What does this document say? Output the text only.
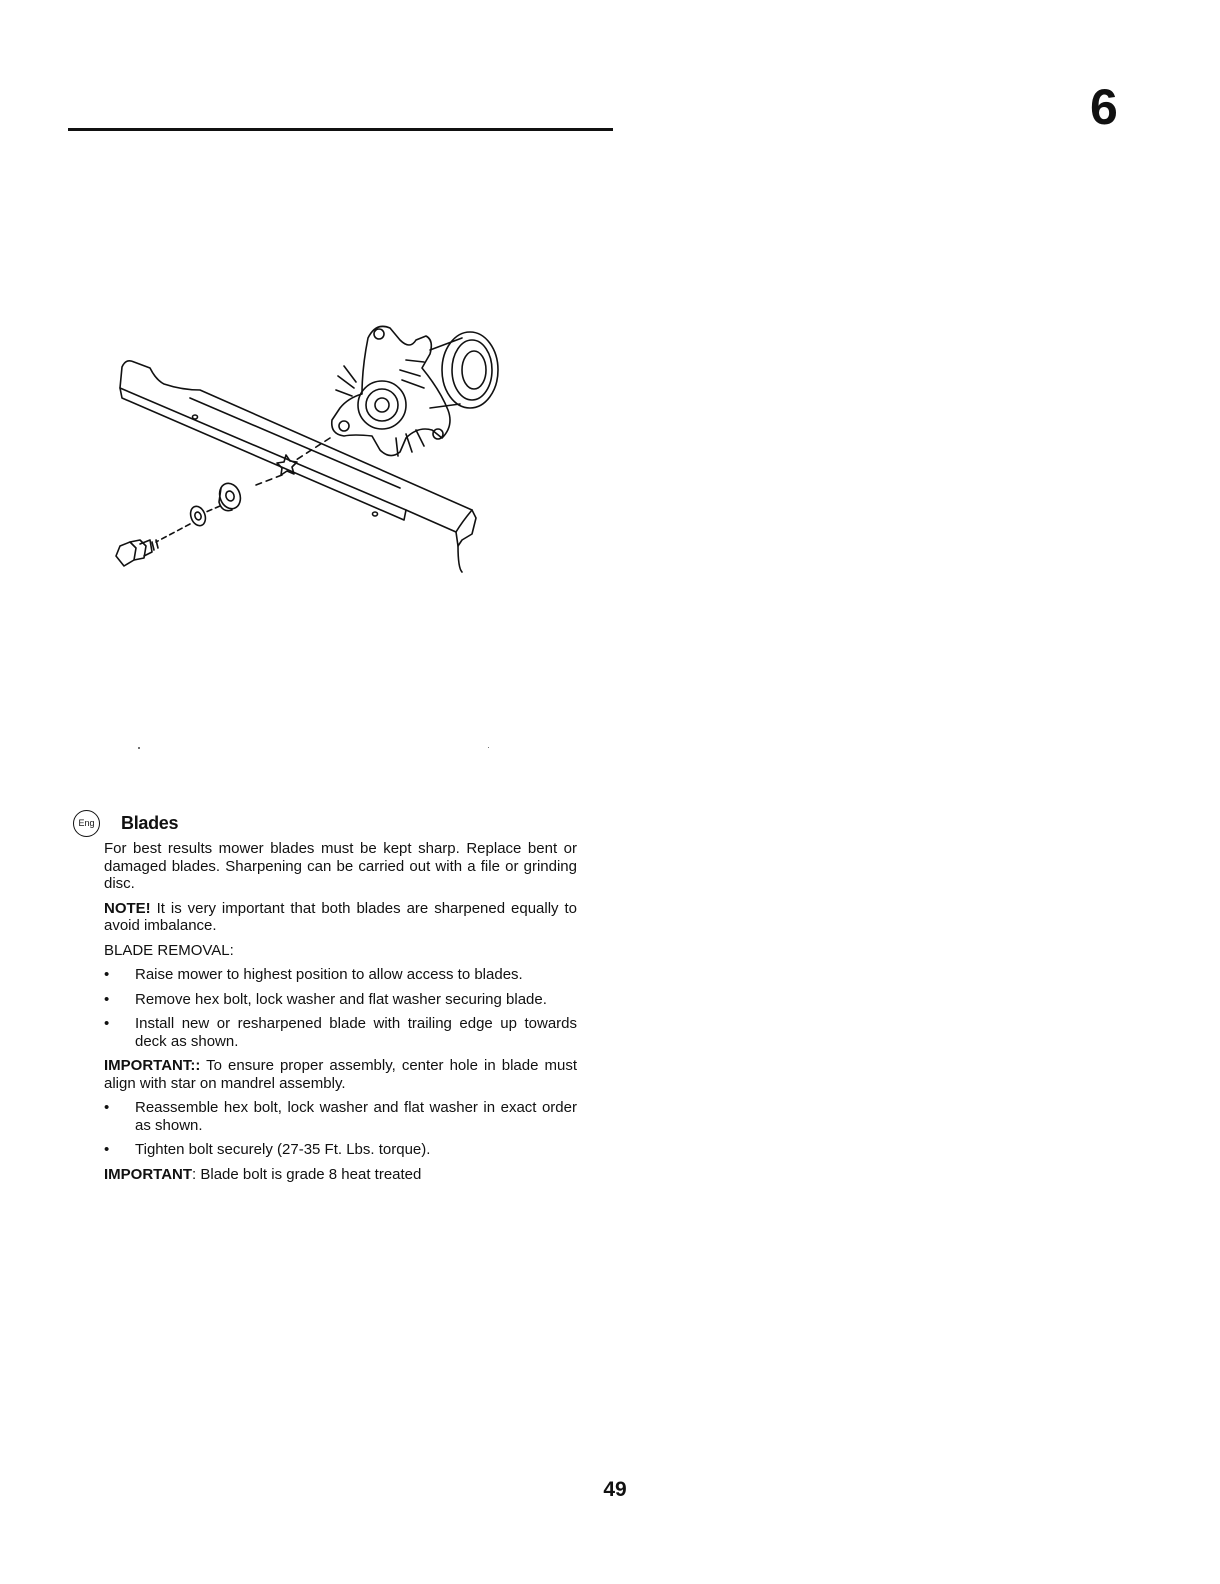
6
Eng	Blades

For best results mower blades must be kept sharp. Replace bent or damaged blades. Sharpening can be carried out with a file or grinding disc.

NOTE! It is very important that both blades are sharpened equally to avoid imbalance.

BLADE REMOVAL:

•	Raise mower to highest position to allow access to blades.
•	Remove hex bolt, lock washer and flat washer securing blade.
•	Install new or resharpened blade with trailing edge up towards deck as shown.

IMPORTANT:: To ensure proper assembly, center hole in blade must align with star on mandrel assembly.

•	Reassemble hex bolt, lock washer and flat washer in exact order as shown.
•	Tighten bolt securely (27-35 Ft. Lbs. torque).

IMPORTANT: Blade bolt is grade 8 heat treated

49
